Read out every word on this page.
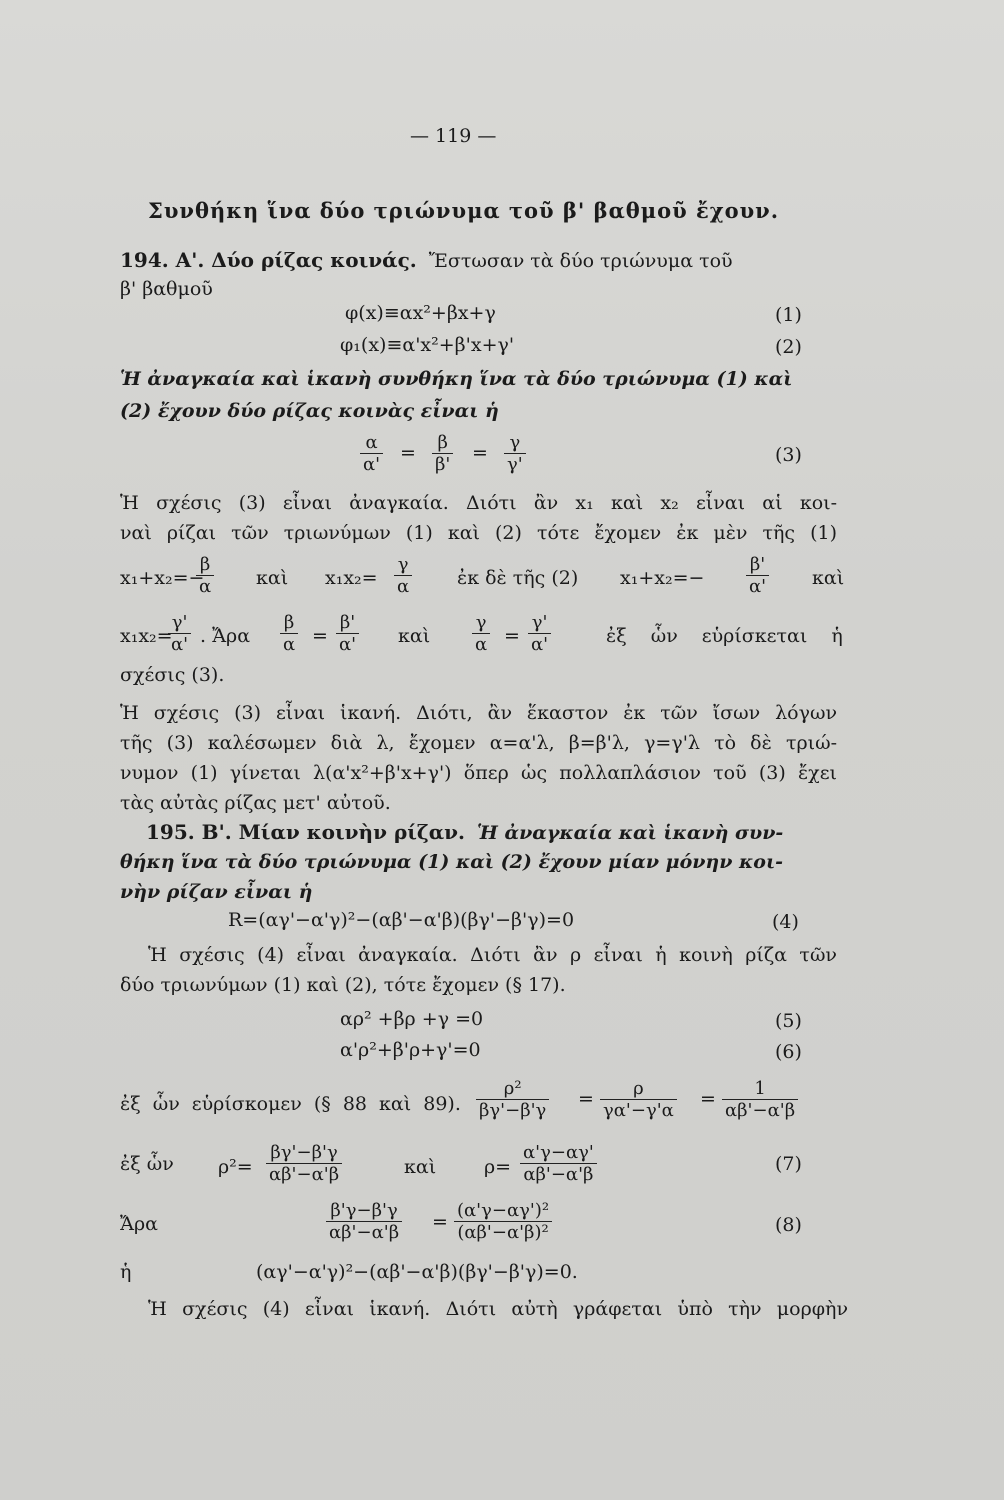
— 119 —
Συνθήκη ἵνα δύο τριώνυμα τοῦ β' βαθμοῦ ἔχουν.
194. Α'. Δύο ρίζας κοινάς. Ἔστωσαν τὰ δύο τριώνυμα τοῦ
β' βαθμοῦ
φ(x)≡αx²+βx+γ	(1)
φ₁(x)≡α'x²+β'x+γ'	(2)
Ἡ ἀναγκαία καὶ ἱκανὴ συνθήκη ἵνα τὰ δύο τριώνυμα (1) καὶ
(2) ἔχουν δύο ρίζας κοινὰς εἶναι ἡ
$\frac{\alpha}{\alpha'} = \frac{\beta}{\beta'} = \frac{\gamma}{\gamma'}$	(3)
Ἡ σχέσις (3) εἶναι ἀναγκαία. Διότι ἂν x₁ καὶ x₂ εἶναι αἱ κοι-
ναὶ ρίζαι τῶν τριωνύμων (1) καὶ (2) τότε ἔχομεν ἐκ μὲν τῆς (1)
x₁+x₂=−
$\frac{\beta}{\alpha}$ καὶ $x_1x_2= \frac{\gamma}{\alpha}$ ἐκ δὲ τῆς (2) $x_1+x_2=- \frac{\beta'}{\alpha'}$ καὶ
x₁x₂=
$\frac{\gamma'}{\alpha'}$ . Ἄρα $\frac{\beta}{\alpha} = \frac{\beta'}{\alpha'}$ καὶ $\frac{\gamma}{\alpha} = \frac{\gamma'}{\alpha'}$	ἐξ ὧν εὑρίσκεται ἡ
σχέσις (3).
Ἡ σχέσις (3) εἶναι ἱκανή. Διότι, ἂν ἕκαστον ἐκ τῶν ἴσων λόγων
τῆς (3) καλέσωμεν διὰ λ, ἔχομεν α=α'λ, β=β'λ, γ=γ'λ τὸ δὲ τριώ-
νυμον (1) γίνεται λ(α'x²+β'x+γ') ὅπερ ὡς πολλαπλάσιον τοῦ (3) ἔχει
τὰς αὐτὰς ρίζας μετ' αὐτοῦ.
195. Β'. Μίαν κοινὴν ρίζαν. Ἡ ἀναγκαία καὶ ἱκανὴ συν-
θήκη ἵνα τὰ δύο τριώνυμα (1) καὶ (2) ἔχουν μίαν μόνην κοι-
νὴν ρίζαν εἶναι ἡ
R=(αγ'−α'γ)²−(αβ'−α'β)(βγ'−β'γ)=0	(4)
Ἡ σχέσις (4) εἶναι ἀναγκαία. Διότι ἂν ρ εἶναι ἡ κοινὴ ρίζα τῶν
δύο τριωνύμων (1) καὶ (2), τότε ἔχομεν (§ 17).
αρ² +βρ +γ =0	(5)
α'ρ²+β'ρ+γ'=0	(6)
ἐξ ὧν εὑρίσκομεν (§ 88 καὶ 89). $\frac{\text{ρ²}}{\beta\gamma'-\beta'\gamma} = \frac{\rho}{\gamma\alpha'-\gamma'\alpha} = \frac{1}{\alpha\beta'-\alpha'\beta}$
ἐξ ὧν $\rho^2= \frac{\beta\gamma'-\beta'\gamma}{\alpha\beta'-\alpha'\beta}$	καὶ	$\rho= \frac{\alpha'\gamma-\alpha\gamma'}{\alpha\beta'-\alpha'\beta}$	(7)
Ἄρα	$\frac{\beta'\gamma-\beta'\gamma}{\alpha\beta'-\alpha'\beta} = \frac{\text{(α'γ−αγ')²}}{\text{(αβ'−α'β)²}}$	(8)
ἡ	(αγ'−α'γ)²−(αβ'−α'β)(βγ'−β'γ)=0.
Ἡ σχέσις (4) εἶναι ἱκανή. Διότι αὐτὴ γράφεται ὑπὸ τὴν μορφὴν
